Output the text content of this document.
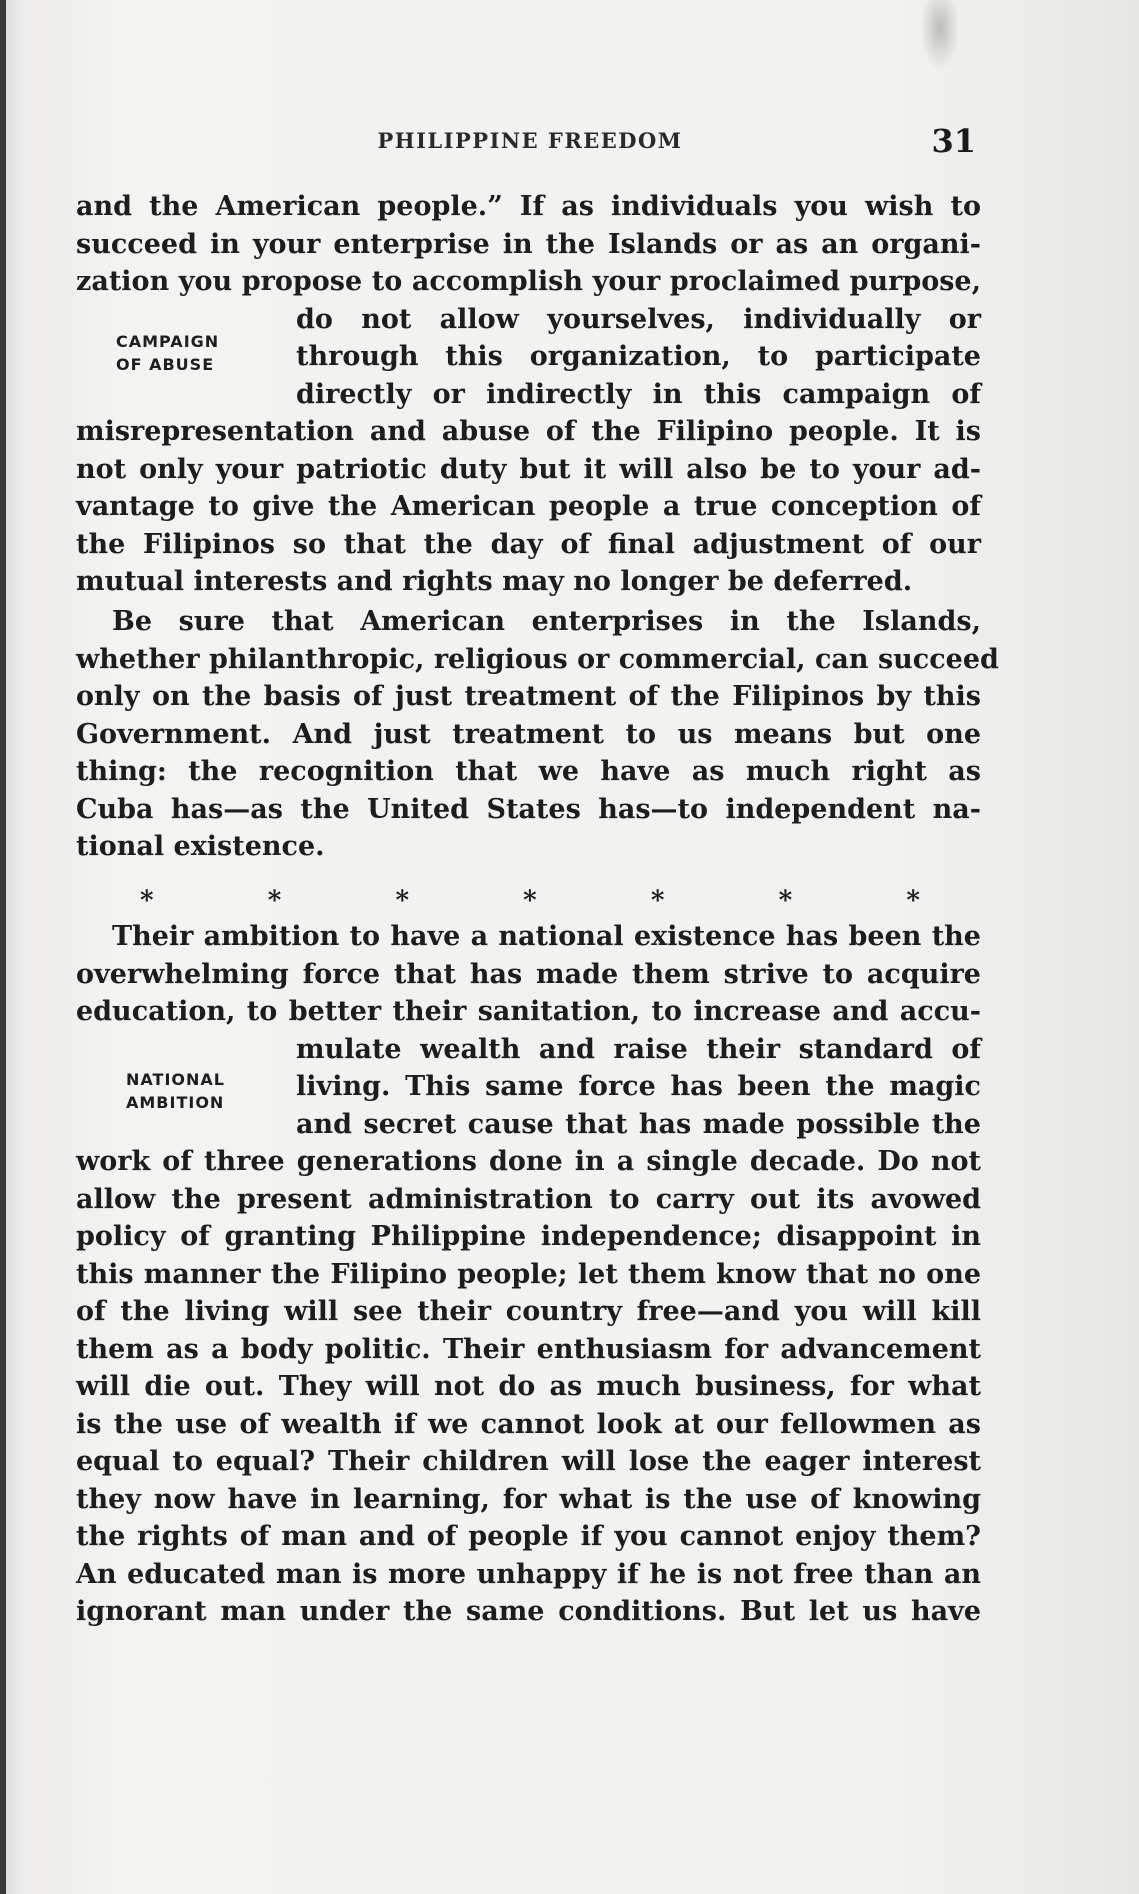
PHILIPPINE FREEDOM	31
and the American people.” If as individuals you wish to
succeed in your enterprise in the Islands or as an organi-
zation you propose to accomplish your proclaimed purpose,
do not allow yourselves, individually or
through this organization, to participate
directly or indirectly in this campaign of
misrepresentation and abuse of the Filipino people. It is
not only your patriotic duty but it will also be to your ad-
vantage to give the American people a true conception of
the Filipinos so that the day of final adjustment of our
mutual interests and rights may no longer be deferred.
CAMPAIGN
OF ABUSE
Be sure that American enterprises in the Islands,
whether philanthropic, religious or commercial, can succeed
only on the basis of just treatment of the Filipinos by this
Government. And just treatment to us means but one
thing: the recognition that we have as much right as
Cuba has—as the United States has—to independent na-
tional existence.
*	*	*	*	*	*	*
Their ambition to have a national existence has been the
overwhelming force that has made them strive to acquire
education, to better their sanitation, to increase and accu-
mulate wealth and raise their standard of
living. This same force has been the magic
and secret cause that has made possible the
work of three generations done in a single decade. Do not
allow the present administration to carry out its avowed
policy of granting Philippine independence; disappoint in
this manner the Filipino people; let them know that no one
of the living will see their country free—and you will kill
them as a body politic. Their enthusiasm for advancement
will die out. They will not do as much business, for what
is the use of wealth if we cannot look at our fellowmen as
equal to equal? Their children will lose the eager interest
they now have in learning, for what is the use of knowing
the rights of man and of people if you cannot enjoy them?
An educated man is more unhappy if he is not free than an
ignorant man under the same conditions. But let us have
NATIONAL
AMBITION
